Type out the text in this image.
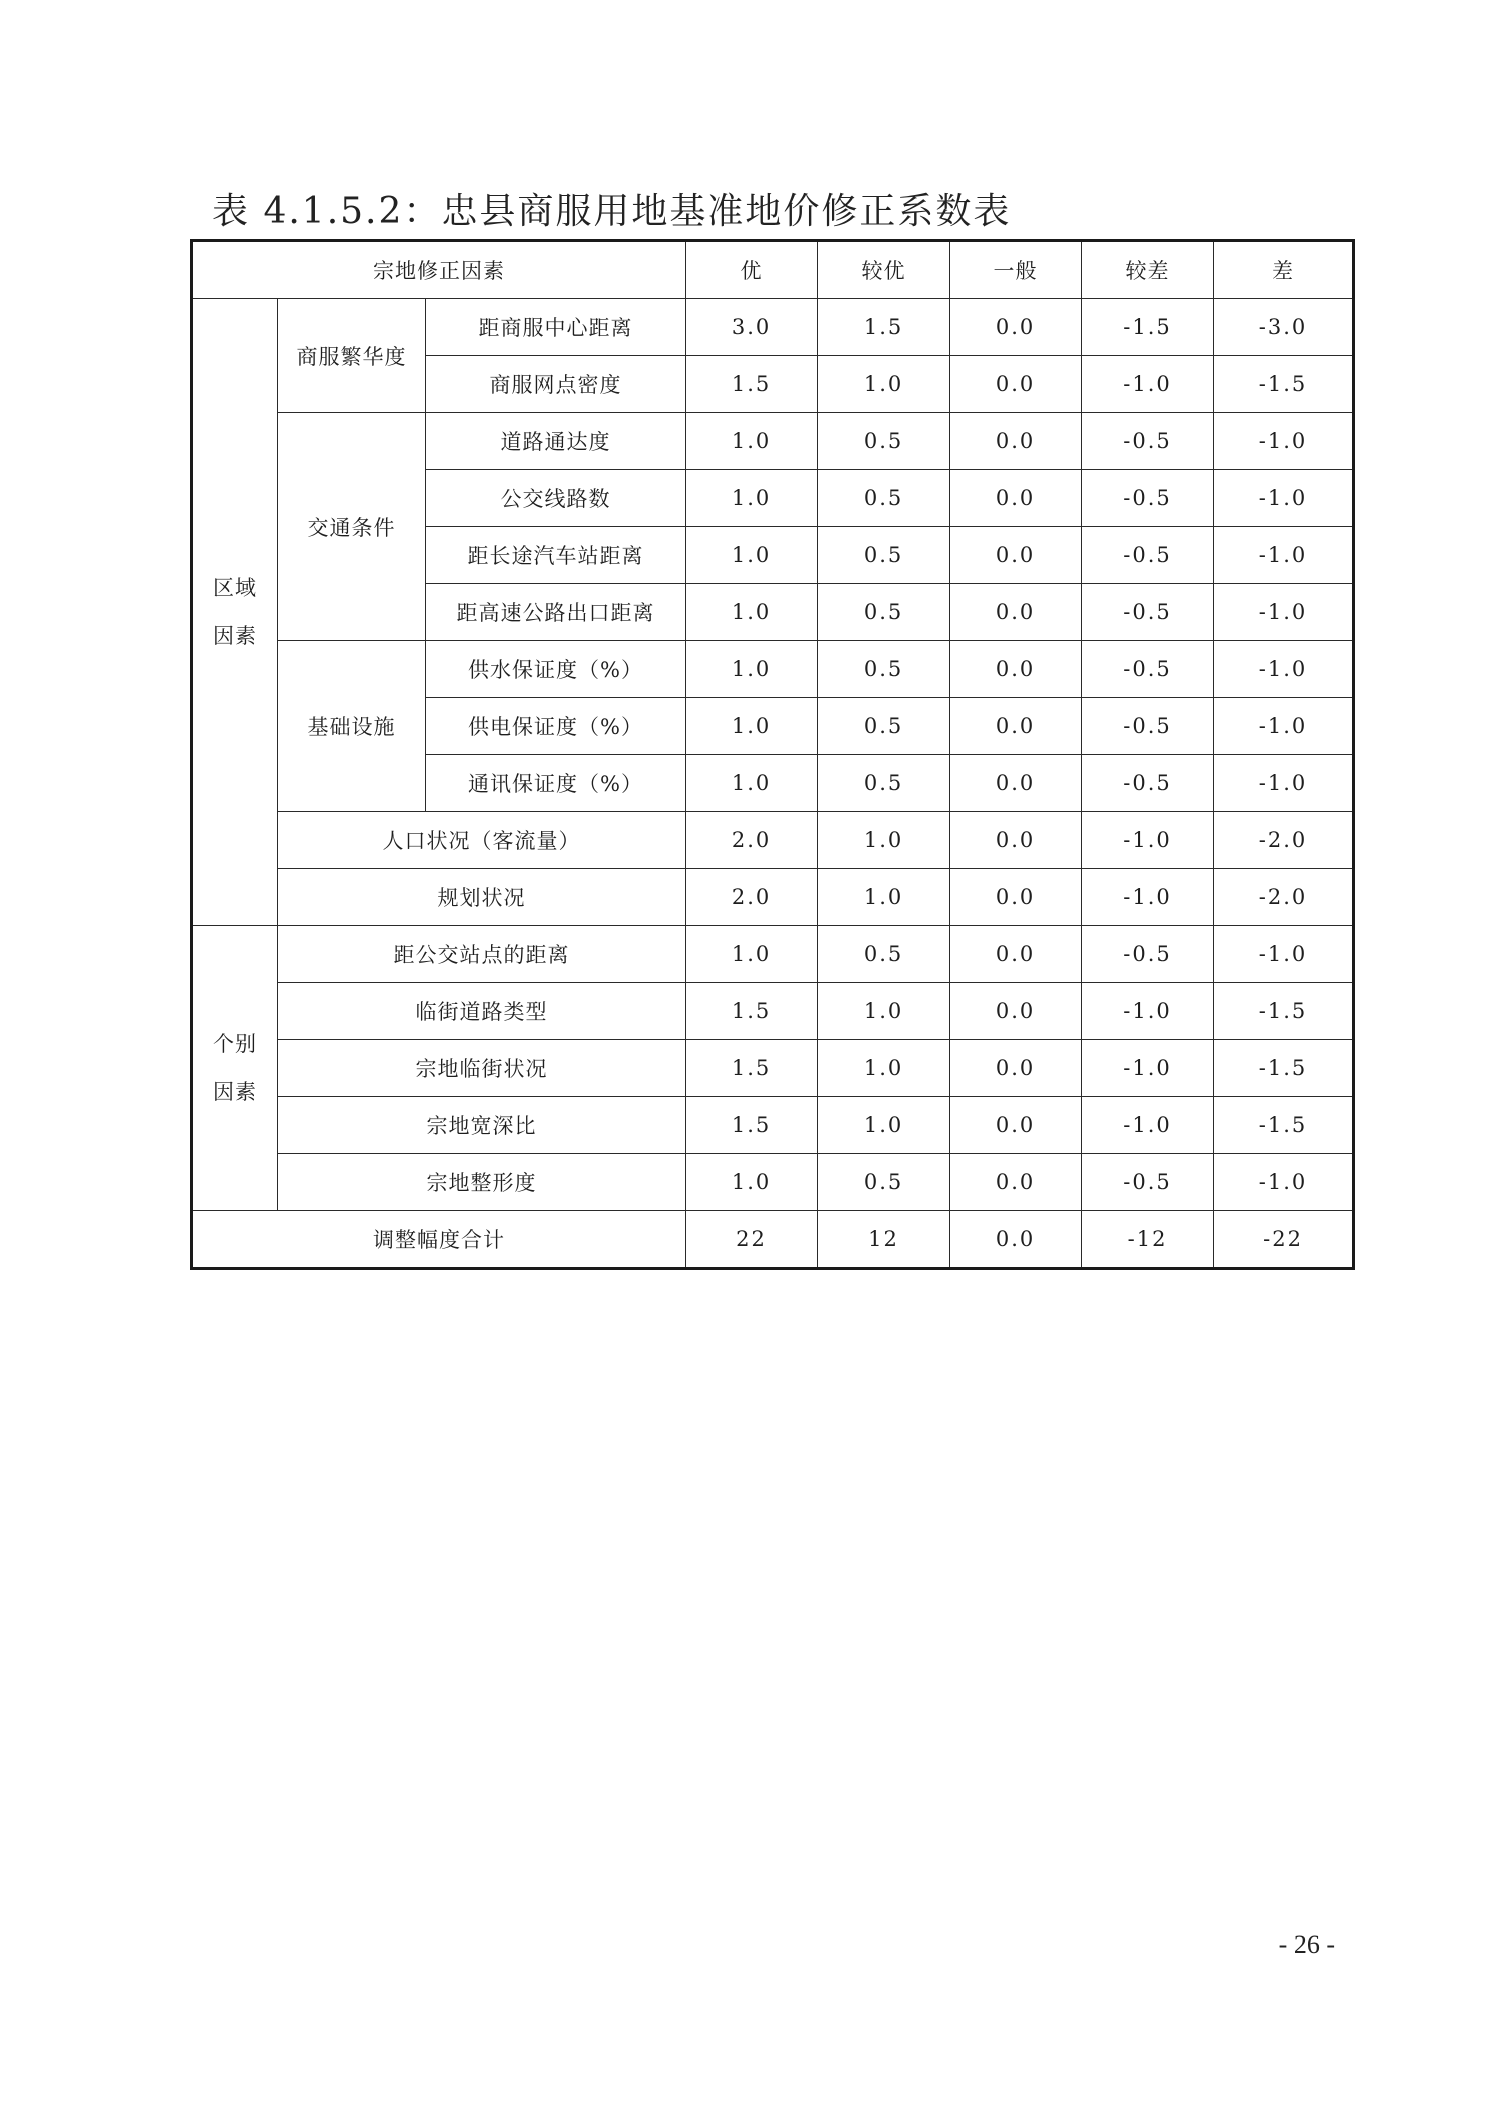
表 4.1.5.2：忠县商服用地基准地价修正系数表
宗地修正因素			优	较优	一般	较差	差
区域
因素	商服繁华度	距商服中心距离	3.0	1.5	0.0	-1.5	-3.0
		商服网点密度	1.5	1.0	0.0	-1.0	-1.5
	交通条件	道路通达度	1.0	0.5	0.0	-0.5	-1.0
		公交线路数	1.0	0.5	0.0	-0.5	-1.0
		距长途汽车站距离	1.0	0.5	0.0	-0.5	-1.0
		距高速公路出口距离	1.0	0.5	0.0	-0.5	-1.0
	基础设施	供水保证度（%）	1.0	0.5	0.0	-0.5	-1.0
		供电保证度（%）	1.0	0.5	0.0	-0.5	-1.0
		通讯保证度（%）	1.0	0.5	0.0	-0.5	-1.0
	人口状况（客流量）		2.0	1.0	0.0	-1.0	-2.0
	规划状况		2.0	1.0	0.0	-1.0	-2.0
个别
因素	距公交站点的距离		1.0	0.5	0.0	-0.5	-1.0
	临街道路类型		1.5	1.0	0.0	-1.0	-1.5
	宗地临街状况		1.5	1.0	0.0	-1.0	-1.5
	宗地宽深比		1.5	1.0	0.0	-1.0	-1.5
	宗地整形度		1.0	0.5	0.0	-0.5	-1.0
调整幅度合计			22	12	0.0	-12	-22
- 26 -
